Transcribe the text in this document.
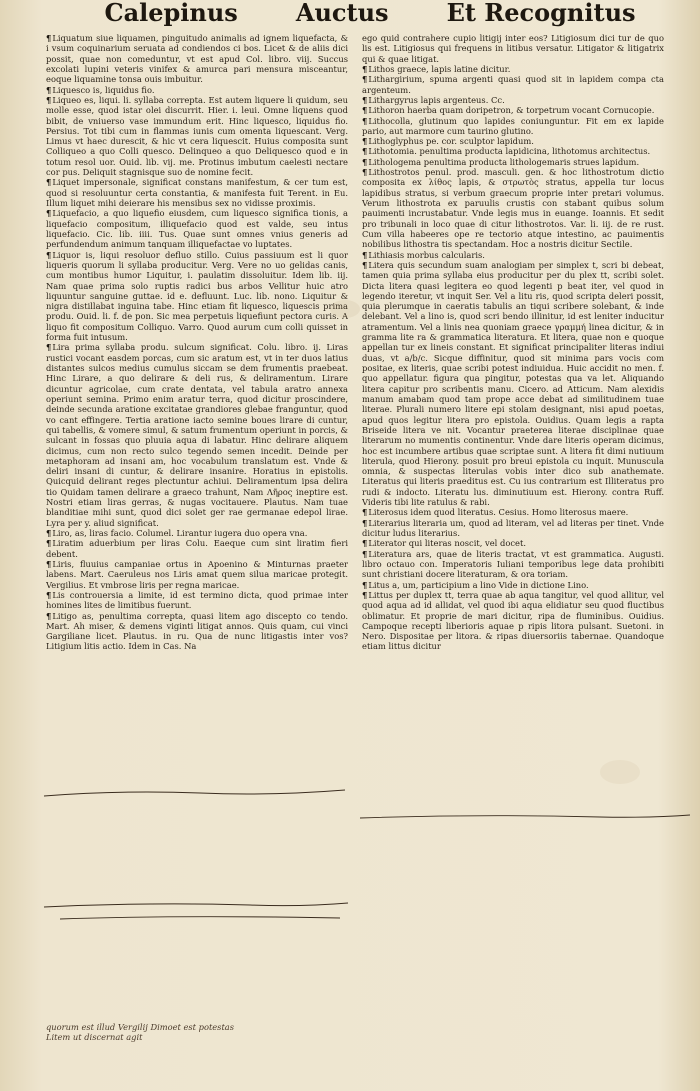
Calepinus Auctus Et Recognitus

¶Liquatum siue liquamen, pinguitudo animalis ad ignem liquefacta, & i vsum coquinarium seruata ad condiendos ci bos. Licet & de aliis dici possit, quae non comeduntur, vt est apud Col. libro. viij. Succus excolati lupini veteris vinifex & amurca pari mensura misceantur, eoque liquamine tonsa ouis imbuitur.

¶Liquesco is, liquidus fio.

¶Liqueo es, liqui. li. syllaba correpta. Est autem liquere li quidum, seu molle esse, quod istar olei discurrit. Hier. i. leui. Omne liquens quod bibit, de vniuerso vase immundum erit. Hinc liquesco, liquidus fio. Persius. Tot tibi cum in flammas iunis cum omenta liquescant. Verg. Limus vt haec durescit, & hic vt cera liquescit. Huius composita sunt Colliqueo a quo Colli quesco. Delinqueo a quo Deliquesco quod e in totum resol uor. Ouid. lib. vij. me. Protinus imbutum caelesti nectare cor pus. Deliquit stagnisque suo de nomine fecit.

¶Liquet impersonale, significat constans manifestum, & cer tum est, quod si resoluuntur certa constantia, & manifesta fuit Terent. in Eu. Illum liquet mihi deierare his mensibus sex no vidisse proximis.

¶Liquefacio, a quo liquefio eiusdem, cum liquesco significa tionis, a liquefacio compositum, illiquefacio quod est valde, seu intus liquefacio. Cic. lib. iiii. Tus. Quae sunt omnes vnius generis ad perfundendum animum tanquam illiquefactae vo luptates.

¶Liquor is, liqui resoluor defluo stillo. Cuius passiuum est li quor liqueris quorum li syllaba producitur. Verg. Vere no uo gelidas canis, cum montibus humor Liquitur, i. paulatim dissoluitur. Idem lib. iij. Nam quae prima solo ruptis radici bus arbos Vellitur huic atro liquuntur sanguine guttae. id e. defluunt. Luc. lib. nono. Liquitur & nigra distillabat inguina tabe. Hinc etiam fit liquesco, liquescis prima produ. Ouid. li. f. de pon. Sic mea perpetuis liquefiunt pectora curis. A liquo fit compositum Colliquo. Varro. Quod aurum cum colli quisset in forma fuit intusum.

¶Lira prima syllaba produ. sulcum significat. Colu. libro. ij. Liras rustici vocant easdem porcas, cum sic aratum est, vt in ter duos latius distantes sulcos medius cumulus siccam se dem frumentis praebeat. Hinc Lirare, a quo delirare & deli rus, & deliramentum. Lirare dicuntur agricolae, cum crate dentata, vel tabula aratro annexa operiunt semina. Primo enim aratur terra, quod dicitur proscindere, deinde secunda aratione excitatae grandiores glebae franguntur, quod vo cant effingere. Tertia aratione iacto semine boues lirare di cuntur, qui tabellis, & vomere simul, & satum frumentum operiunt in porcis, & sulcant in fossas quo pluuia aqua di labatur. Hinc delirare aliquem dicimus, cum non recto sulco tegendo semen incedit. Deinde per metaphoram ad insani am, hoc vocabulum translatum est. Vnde & deliri insani di cuntur, & delirare insanire. Horatius in epistolis. Quicquid delirant reges plectuntur achiui. Deliramentum ipsa delira tio Quidam tamen delirare a graeco trahunt, Nam Λῆρος ineptire est. Nostri etiam liras gerras, & nugas vocitauere. Plautus. Nam tuae blanditiae mihi sunt, quod dici solet ger rae germanae edepol lirae. Lyra per y. aliud significat.

¶Liro, as, liras facio. Columel. Lirantur iugera duo opera vna.

¶Liratim aduerbium per liras Colu. Eaeque cum sint liratim fieri debent.

¶Liris, fluuius campaniae ortus in Apoenino & Minturnas praeter labens. Mart. Caeruleus nos Liris amat quem silua maricae protegit. Vergilius. Et vmbrose liris per regna maricae.

¶Lis controuersia a limite, id est termino dicta, quod primae inter homines lites de limitibus fuerunt.

¶Litigo as, penultima correpta, quasi litem ago discepto co tendo. Mart. Ah miser, & demens viginti litigat annos. Quis quam, cui vinci Gargiliane licet. Plautus. in ru. Qua de nunc litigastis inter vos? Litigium litis actio. Idem in Cas. Na

ego quid contrahere cupio litigij inter eos? Litigiosum dici tur de quo lis est. Litigiosus qui frequens in litibus versatur. Litigator & litigatrix qui & quae litigat.

¶Lithos graece, lapis latine dicitur.

¶Lithargirium, spuma argenti quasi quod sit in lapidem compa cta argenteum.

¶Lithargyrus lapis argenteus. Cc.

¶Lithoron haerba quam doripetron, & torpetrum vocant Cornucopie.

¶Lithocolla, glutinum quo lapides coniunguntur. Fit em ex lapide pario, aut marmore cum taurino glutino.

¶Lithoglyphus pe. cor. sculptor lapidum.

¶Lithotomia. penultima producta lapidicina, lithotomus architectus.

¶Lithologema penultima producta lithologemaris strues lapidum.

¶Lithostrotos penul. prod. masculi. gen. & hoc lithostrotum dictio composita ex λίθος lapis, & στρωτὸς stratus, appella tur locus lapidibus stratus, si verbum graecum proprie inter pretari volumus. Verum lithostrota ex paruulis crustis con stabant quibus solum pauimenti incrustabatur. Vnde legis mus in euange. Ioannis. Et sedit pro tribunali in loco quae di citur lithostrotos. Var. li. iij. de re rust. Cum villa habeeres ope re tectorio atque intestino, ac pauimentis nobilibus lithostra tis spectandam. Hoc a nostris dicitur Sectile.

¶Lithiasis morbus calcularis.

¶Litera quis secundum suam analogiam per simplex t, scri bi debeat, tamen quia prima syllaba eius producitur per du plex tt, scribi solet. Dicta litera quasi legitera eo quod legenti p beat iter, vel quod in legendo iteretur, vt inquit Ser. Vel a litu ris, quod scripta deleri possit, quia plerumque in caeratis tabulis an tiqui scribere solebant, & inde delebant. Vel a lino is, quod scri bendo illinitur, id est leniter inducitur atramentum. Vel a linis nea quoniam graece γραμμή linea dicitur, & in gramma lite ra & grammatica literatura. Et litera, quae non e quoque appellan tur ex lineis constant. Et significat principaliter literas indiui duas, vt a/b/c. Sicque diffinitur, quod sit minima pars vocis com positae, ex literis, quae scribi potest indiuidua. Huic accidit no men. f. quo appellatur. figura qua pingitur, potestas qua va let. Aliquando litera capitur pro scribentis manu. Cicero. ad Atticum. Nam alexidis manum amabam quod tam prope acce debat ad similitudinem tuae literae. Plurali numero litere epi stolam designant, nisi apud poetas, apud quos legitur litera pro epistola. Ouidius. Quam legis a rapta Briseide litera ve nit. Vocantur praeterea literae disciplinae quae literarum no mumentis continentur. Vnde dare literis operam dicimus, hoc est incumbere artibus quae scriptae sunt. A litera fit dimi nutiuum literula, quod Hierony. posuit pro breui epistola cu inquit. Munuscula omnia, & suspectas literulas vobis inter dico sub anathemate. Literatus qui literis praeditus est. Cu ius contrarium est Illiteratus pro rudi & indocto. Literatu lus. diminutiuum est. Hierony. contra Ruff. Videris tibi lite ratulus & rabi.

¶Literosus idem quod literatus. Cesius. Homo literosus maere.

¶Literarius literaria um, quod ad literam, vel ad literas per tinet. Vnde dicitur ludus literarius.

¶Literator qui literas noscit, vel docet.

¶Literatura ars, quae de literis tractat, vt est grammatica. Augusti. libro octauo con. Imperatoris Iuliani temporibus lege data prohibiti sunt christiani docere literaturam, & ora toriam.

¶Litus a, um, participium a lino Vide in dictione Lino.

¶Littus per duplex tt, terra quae ab aqua tangitur, vel quod allitur, vel quod aqua ad id allidat, vel quod ibi aqua elidiatur seu quod fluctibus oblimatur. Et proprie de mari dicitur, ripa de fluminibus. Ouidius. Campoque recepti liberioris aquae p ripis litora pulsant. Suetoni. in Nero. Dispositae per litora. & ripas diuersoriis tabernae. Quandoque etiam littus dicitur

quorum est illud Vergilij Dimoet est potestas
Litem ut discernat agit
